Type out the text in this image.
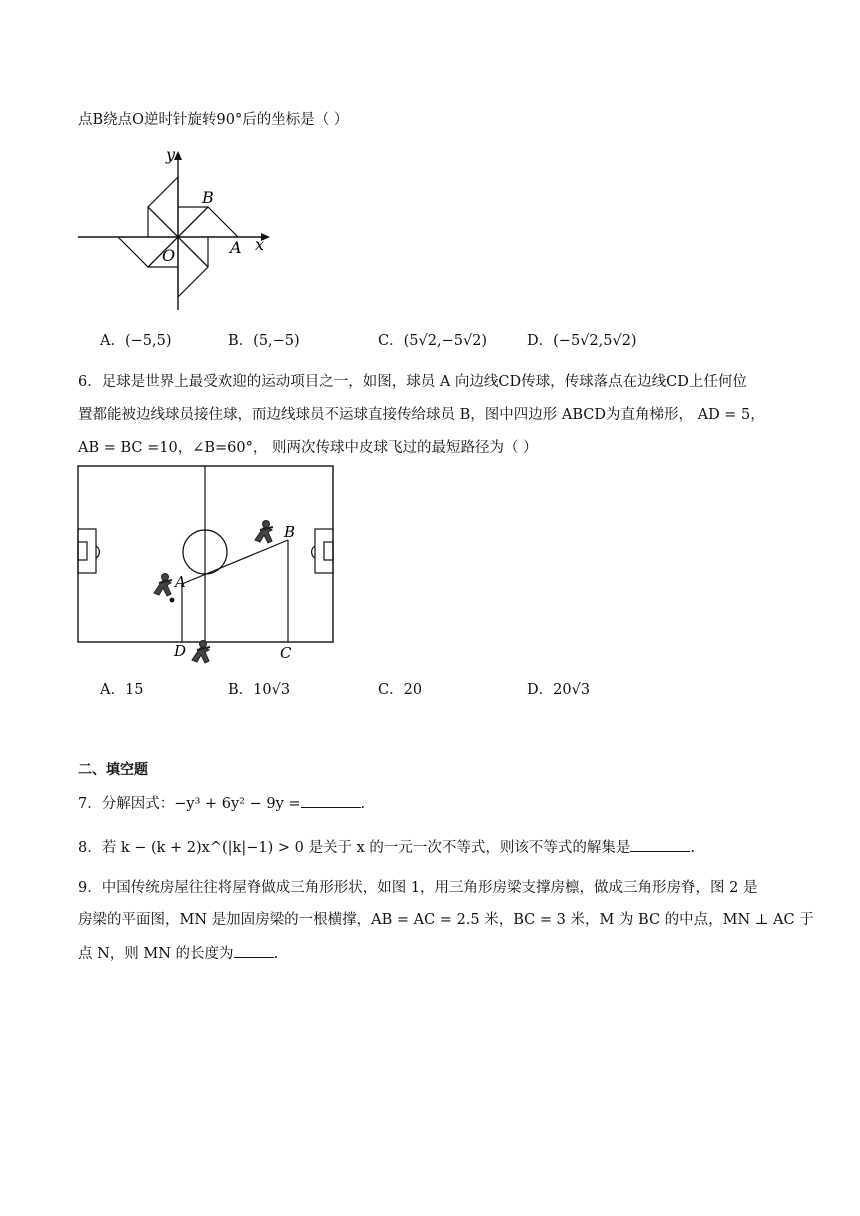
点B绕点O逆时针旋转90°后的坐标是（ ）
y
x
B
O	A
A．(−5,5)	B．(5,−5)	C．(5√2,−5√2)	D．(−5√2,5√2)
6．足球是世界上最受欢迎的运动项目之一，如图，球员 A 向边线CD传球，传球落点在边线CD上任何位
置都能被边线球员接住球，而边线球员不运球直接传给球员 B，图中四边形 ABCD为直角梯形， AD = 5，
AB = BC =10，∠B=60°， 则两次传球中皮球飞过的最短路径为（ ）
A
B
C
D
A．15	B．10√3	C．20	D．20√3
二、填空题
7．分解因式：−y³ + 6y² − 9y =	.
8．若 k − (k + 2)x^(|k|−1) > 0 是关于 x 的一元一次不等式，则该不等式的解集是	.
9．中国传统房屋往往将屋脊做成三角形形状，如图 1，用三角形房梁支撑房檩，做成三角形房脊，图 2 是
房梁的平面图，MN 是加固房梁的一根横撑，AB = AC = 2.5 米，BC = 3 米，M 为 BC 的中点，MN ⊥ AC 于
点 N，则 MN 的长度为	.
